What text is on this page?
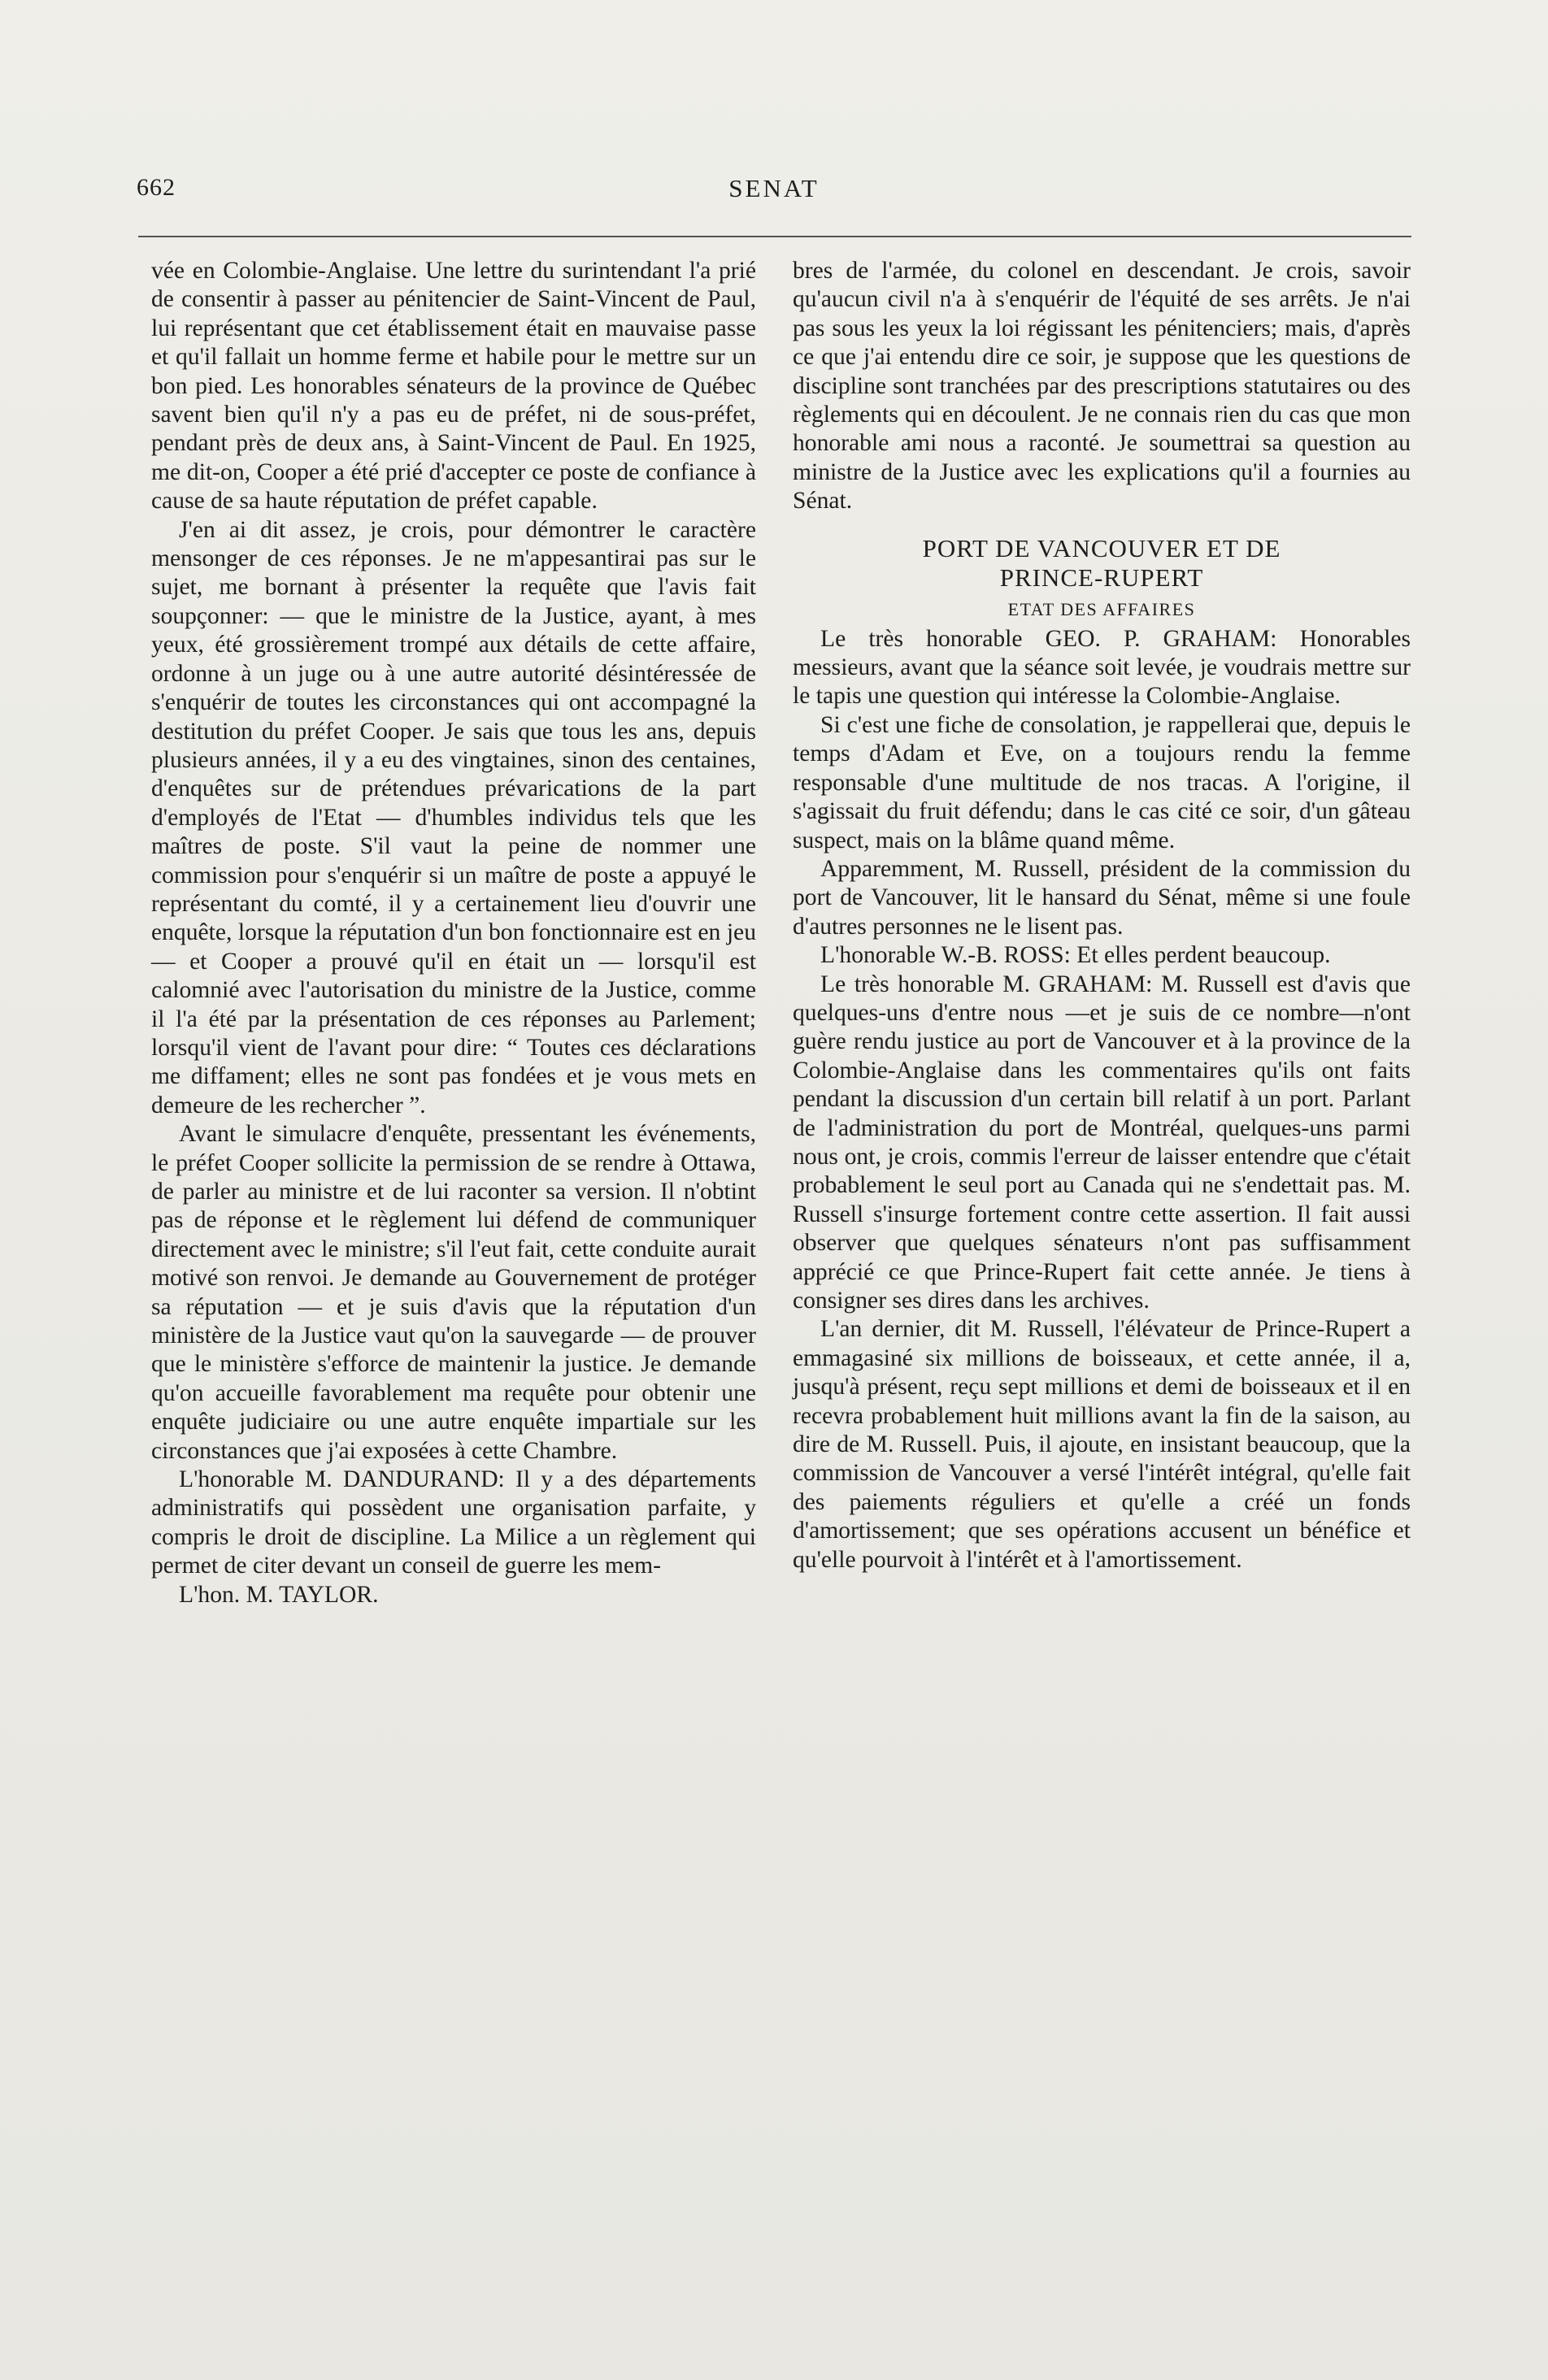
662	SENAT

vée en Colombie-Anglaise. Une lettre du surintendant l'a prié de consentir à passer au pénitencier de Saint-Vincent de Paul, lui représentant que cet établissement était en mauvaise passe et qu'il fallait un homme ferme et habile pour le mettre sur un bon pied. Les honorables sénateurs de la province de Québec savent bien qu'il n'y a pas eu de préfet, ni de sous-préfet, pendant près de deux ans, à Saint-Vincent de Paul. En 1925, me dit-on, Cooper a été prié d'accepter ce poste de confiance à cause de sa haute réputation de préfet capable.

J'en ai dit assez, je crois, pour démontrer le caractère mensonger de ces réponses. Je ne m'appesantirai pas sur le sujet, me bornant à présenter la requête que l'avis fait soupçonner: — que le ministre de la Justice, ayant, à mes yeux, été grossièrement trompé aux détails de cette affaire, ordonne à un juge ou à une autre autorité désintéressée de s'enquérir de toutes les circonstances qui ont accompagné la destitution du préfet Cooper. Je sais que tous les ans, depuis plusieurs années, il y a eu des vingtaines, sinon des centaines, d'enquêtes sur de prétendues prévarications de la part d'employés de l'Etat — d'humbles individus tels que les maîtres de poste. S'il vaut la peine de nommer une commission pour s'enquérir si un maître de poste a appuyé le représentant du comté, il y a certainement lieu d'ouvrir une enquête, lorsque la réputation d'un bon fonctionnaire est en jeu — et Cooper a prouvé qu'il en était un — lorsqu'il est calomnié avec l'autorisation du ministre de la Justice, comme il l'a été par la présentation de ces réponses au Parlement; lorsqu'il vient de l'avant pour dire: “ Toutes ces déclarations me diffament; elles ne sont pas fondées et je vous mets en demeure de les rechercher ”.

Avant le simulacre d'enquête, pressentant les événements, le préfet Cooper sollicite la permission de se rendre à Ottawa, de parler au ministre et de lui raconter sa version. Il n'obtint pas de réponse et le règlement lui défend de communiquer directement avec le ministre; s'il l'eut fait, cette conduite aurait motivé son renvoi. Je demande au Gouvernement de protéger sa réputation — et je suis d'avis que la réputation d'un ministère de la Justice vaut qu'on la sauvegarde — de prouver que le ministère s'efforce de maintenir la justice. Je demande qu'on accueille favorablement ma requête pour obtenir une enquête judiciaire ou une autre enquête impartiale sur les circonstances que j'ai exposées à cette Chambre.

L'honorable M. DANDURAND: Il y a des départements administratifs qui possèdent une organisation parfaite, y compris le droit de discipline. La Milice a un règlement qui permet de citer devant un conseil de guerre les mem-

L'hon. M. TAYLOR.

bres de l'armée, du colonel en descendant. Je crois, savoir qu'aucun civil n'a à s'enquérir de l'équité de ses arrêts. Je n'ai pas sous les yeux la loi régissant les pénitenciers; mais, d'après ce que j'ai entendu dire ce soir, je suppose que les questions de discipline sont tranchées par des prescriptions statutaires ou des règlements qui en découlent. Je ne connais rien du cas que mon honorable ami nous a raconté. Je soumettrai sa question au ministre de la Justice avec les explications qu'il a fournies au Sénat.

PORT DE VANCOUVER ET DE
PRINCE-RUPERT
ETAT DES AFFAIRES

Le très honorable GEO. P. GRAHAM: Honorables messieurs, avant que la séance soit levée, je voudrais mettre sur le tapis une question qui intéresse la Colombie-Anglaise.

Si c'est une fiche de consolation, je rappellerai que, depuis le temps d'Adam et Eve, on a toujours rendu la femme responsable d'une multitude de nos tracas. A l'origine, il s'agissait du fruit défendu; dans le cas cité ce soir, d'un gâteau suspect, mais on la blâme quand même.

Apparemment, M. Russell, président de la commission du port de Vancouver, lit le hansard du Sénat, même si une foule d'autres personnes ne le lisent pas.

L'honorable W.-B. ROSS: Et elles perdent beaucoup.

Le très honorable M. GRAHAM: M. Russell est d'avis que quelques-uns d'entre nous —et je suis de ce nombre—n'ont guère rendu justice au port de Vancouver et à la province de la Colombie-Anglaise dans les commentaires qu'ils ont faits pendant la discussion d'un certain bill relatif à un port. Parlant de l'administration du port de Montréal, quelques-uns parmi nous ont, je crois, commis l'erreur de laisser entendre que c'était probablement le seul port au Canada qui ne s'endettait pas. M. Russell s'insurge fortement contre cette assertion. Il fait aussi observer que quelques sénateurs n'ont pas suffisamment apprécié ce que Prince-Rupert fait cette année. Je tiens à consigner ses dires dans les archives.

L'an dernier, dit M. Russell, l'élévateur de Prince-Rupert a emmagasiné six millions de boisseaux, et cette année, il a, jusqu'à présent, reçu sept millions et demi de boisseaux et il en recevra probablement huit millions avant la fin de la saison, au dire de M. Russell. Puis, il ajoute, en insistant beaucoup, que la commission de Vancouver a versé l'intérêt intégral, qu'elle fait des paiements réguliers et qu'elle a créé un fonds d'amortissement; que ses opérations accusent un bénéfice et qu'elle pourvoit à l'intérêt et à l'amortissement.
